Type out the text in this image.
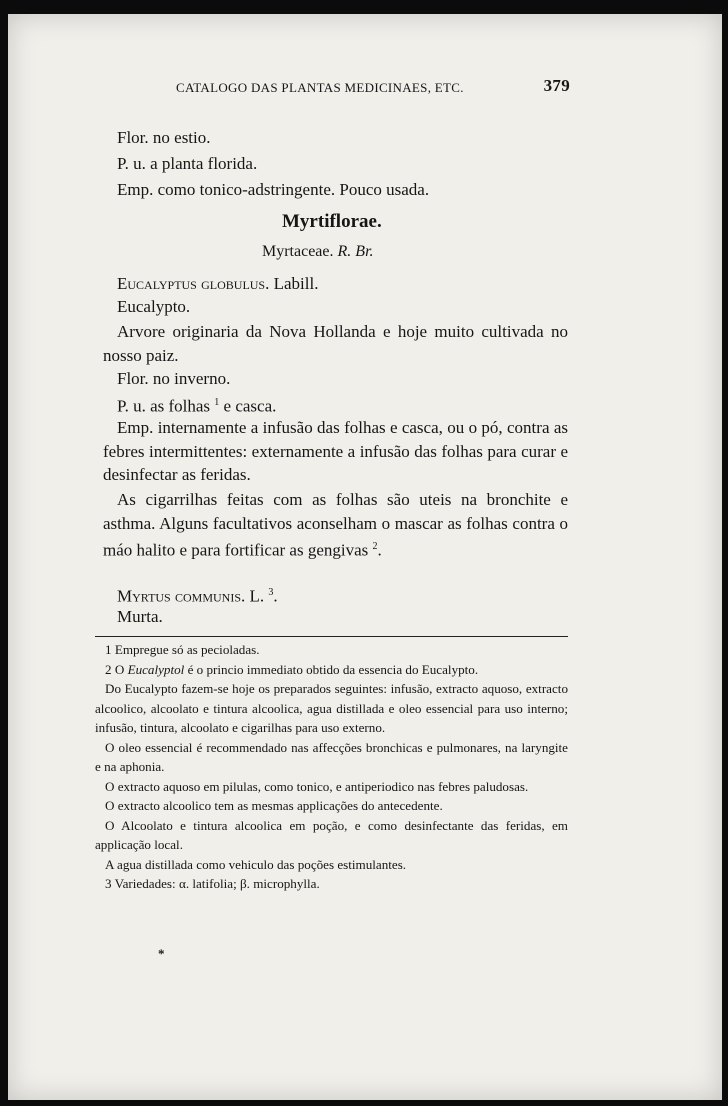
CATALOGO DAS PLANTAS MEDICINAES, ETC.	379
Flor. no estio.
P. u. a planta florida.
Emp. como tonico-adstringente. Pouco usada.
Myrtiflorae.
Myrtaceae. R. Br.
Eucalyptus globulus. Labill.
Eucalypto.
Arvore originaria da Nova Hollanda e hoje muito cultivada no nosso paiz.
Flor. no inverno.
P. u. as folhas $^1$ e casca.
Emp. internamente a infusão das folhas e casca, ou o pó, contra as febres intermittentes: externamente a infusão das folhas para curar e desinfectar as feridas.
As cigarrilhas feitas com as folhas são uteis na bronchite e asthma. Alguns facultativos aconselham o mascar as folhas contra o máo halito e para fortificar as gengivas $^2$.
Myrtus communis. L. $^3$.
Murta.

1 Empregue só as pecioladas.

2 O Eucalyptol é o princio immediato obtido da essencia do Eucalypto.

Do Eucalypto fazem-se hoje os preparados seguintes: infusão, extracto aquoso, extracto alcoolico, alcoolato e tintura alcoolica, agua distillada e oleo essencial para uso interno; infusão, tintura, alcoolato e cigarilhas para uso externo.

O oleo essencial é recommendado nas affecções bronchicas e pulmonares, na laryngite e na aphonia.

O extracto aquoso em pilulas, como tonico, e antiperiodico nas febres paludosas.

O extracto alcoolico tem as mesmas applicações do antecedente.

O Alcoolato e tintura alcoolica em poção, e como desinfectante das feridas, em applicação local.

A agua distillada como vehiculo das poções estimulantes.

3 Variedades: α. latifolia; β. microphylla.

*
